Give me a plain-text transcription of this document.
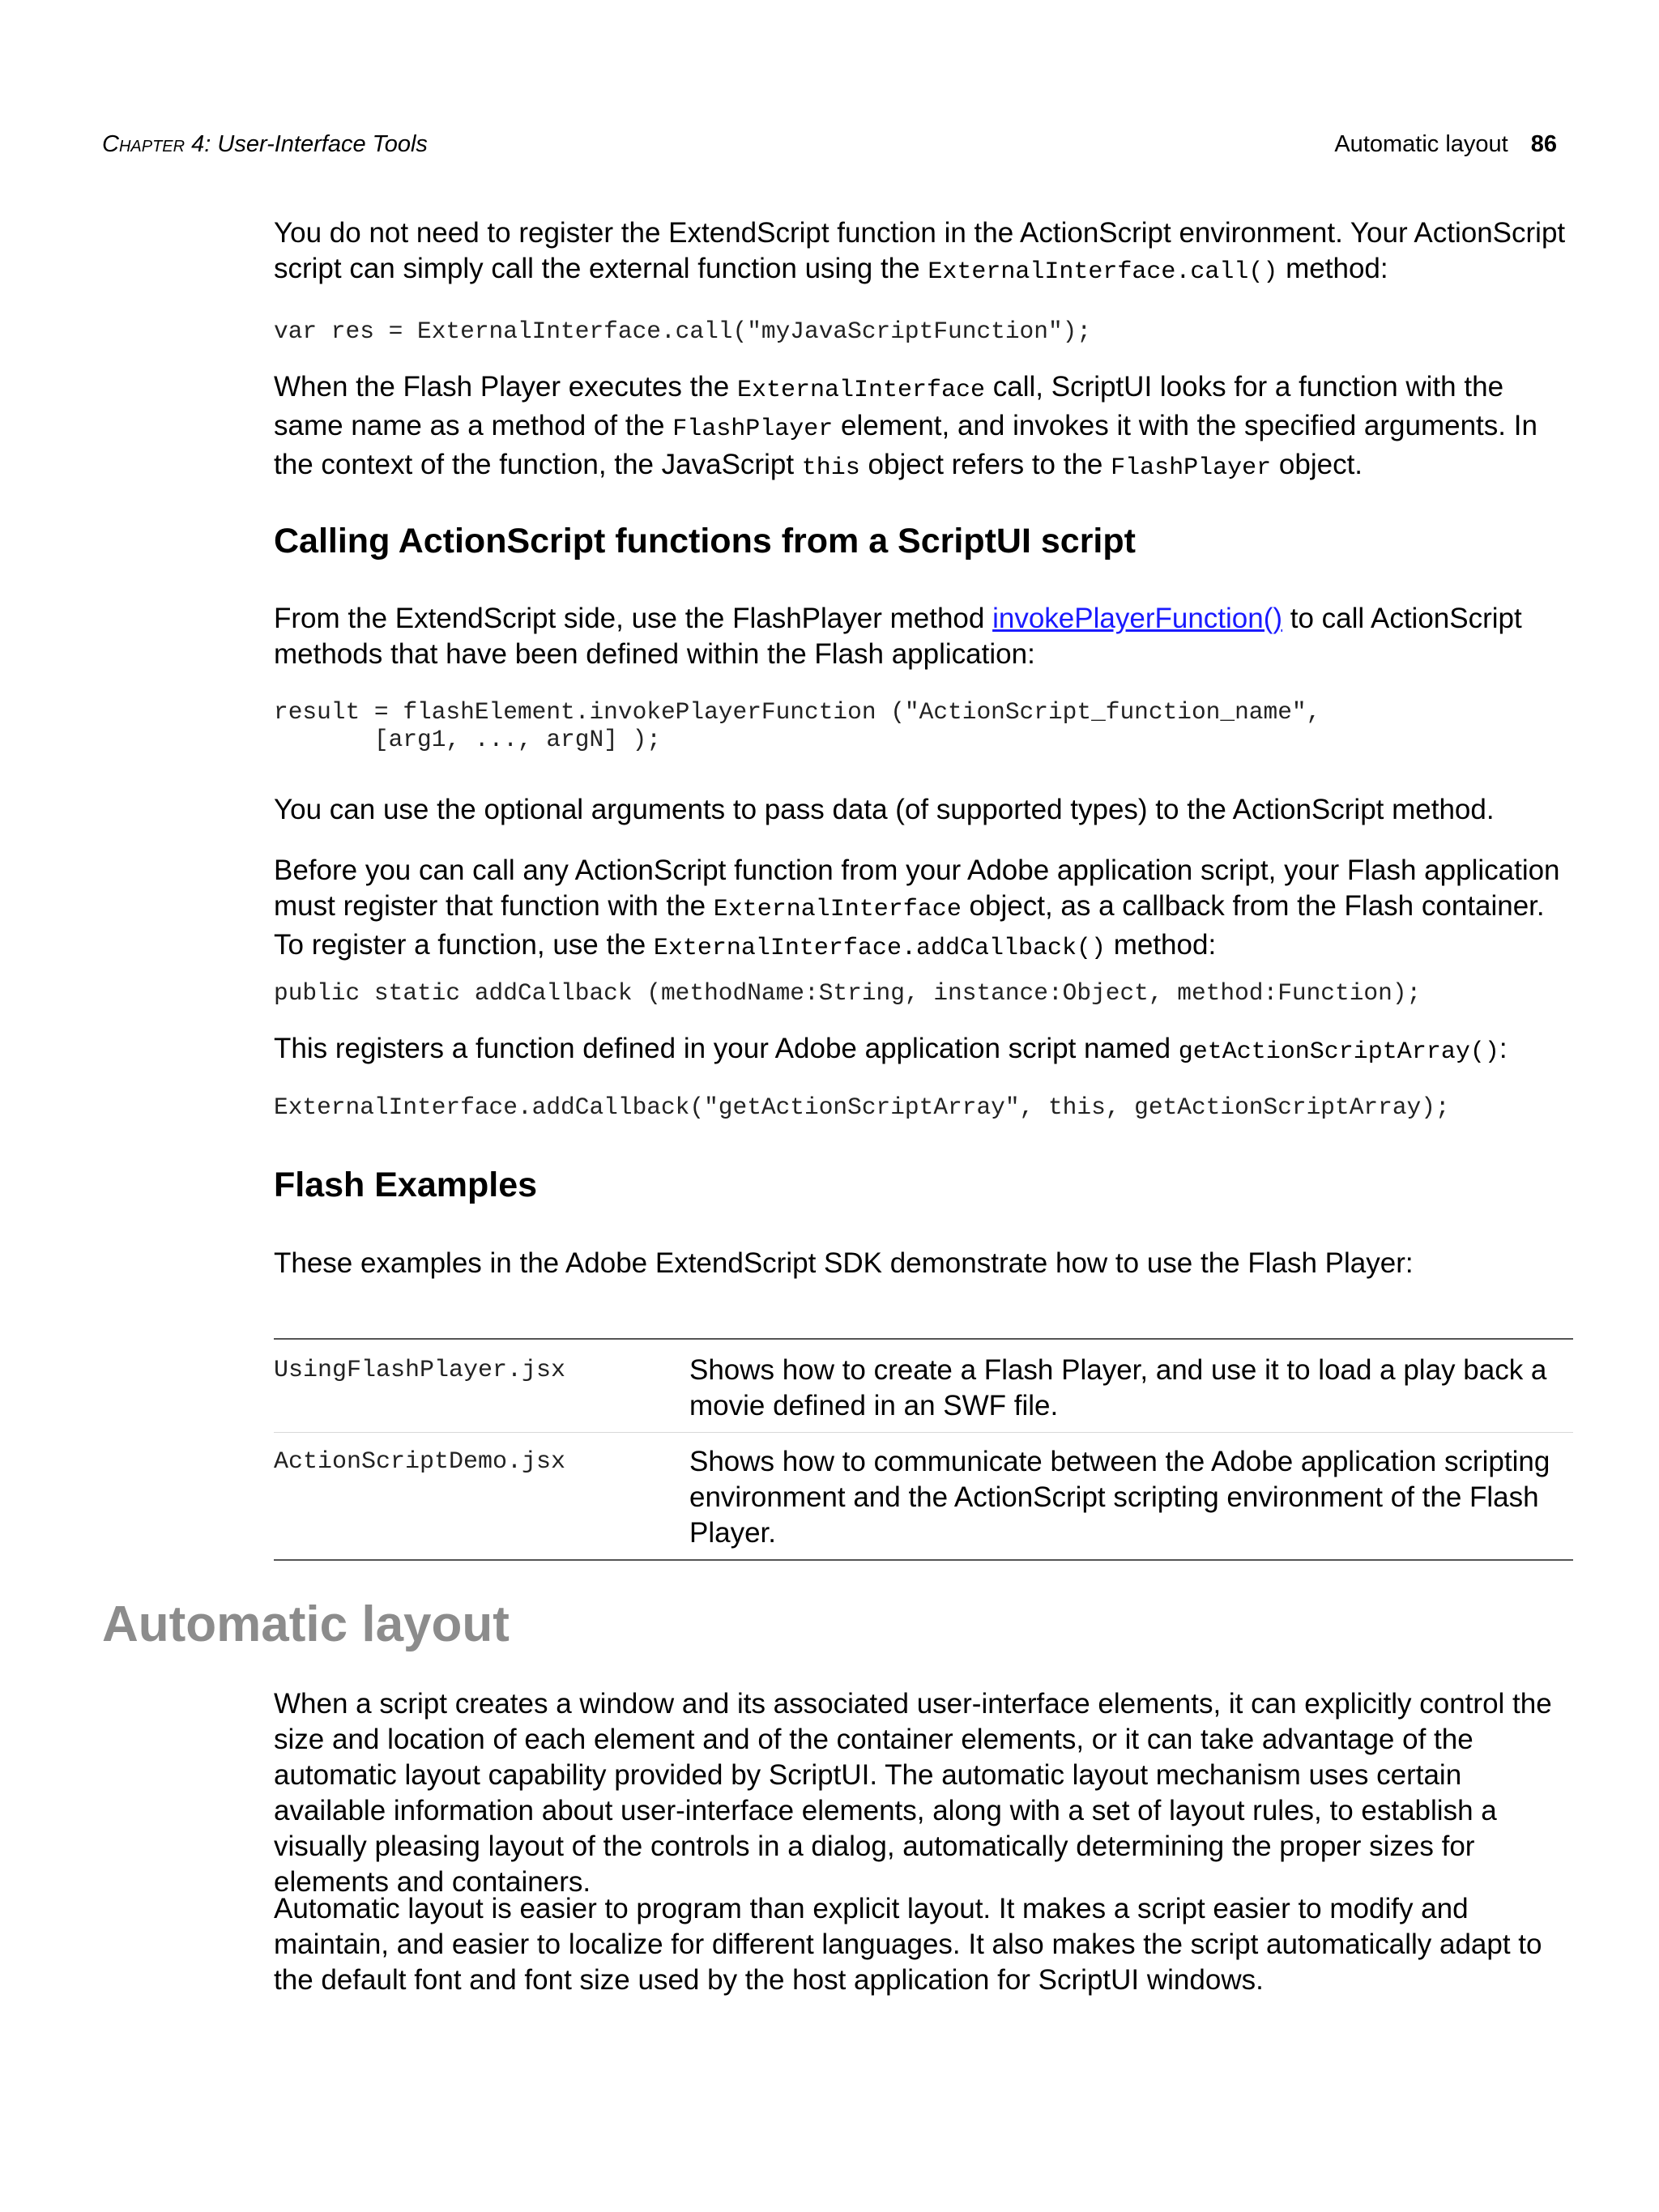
Chapter 4: User-Interface Tools	Automatic layout 86

You do not need to register the ExtendScript function in the ActionScript environment. Your ActionScript script can simply call the external function using the ExternalInterface.call() method:

var res = ExternalInterface.call("myJavaScriptFunction");

When the Flash Player executes the ExternalInterface call, ScriptUI looks for a function with the same name as a method of the FlashPlayer element, and invokes it with the specified arguments. In the context of the function, the JavaScript this object refers to the FlashPlayer object.

Calling ActionScript functions from a ScriptUI script

From the ExtendScript side, use the FlashPlayer method invokePlayerFunction() to call ActionScript methods that have been defined within the Flash application:

result = flashElement.invokePlayerFunction ("ActionScript_function_name",
[arg1, ..., argN] );

You can use the optional arguments to pass data (of supported types) to the ActionScript method.

Before you can call any ActionScript function from your Adobe application script, your Flash application must register that function with the ExternalInterface object, as a callback from the Flash container. To register a function, use the ExternalInterface.addCallback() method:

public static addCallback (methodName:String, instance:Object, method:Function);

This registers a function defined in your Adobe application script named getActionScriptArray():

ExternalInterface.addCallback("getActionScriptArray", this, getActionScriptArray);
Flash Examples

These examples in the Adobe ExtendScript SDK demonstrate how to use the Flash Player:

UsingFlashPlayer.jsx	Shows how to create a Flash Player, and use it to load a play back a movie defined in an SWF file.
ActionScriptDemo.jsx	Shows how to communicate between the Adobe application scripting environment and the ActionScript scripting environment of the Flash Player.
Automatic layout

When a script creates a window and its associated user-interface elements, it can explicitly control the size and location of each element and of the container elements, or it can take advantage of the automatic layout capability provided by ScriptUI. The automatic layout mechanism uses certain available information about user-interface elements, along with a set of layout rules, to establish a visually pleasing layout of the controls in a dialog, automatically determining the proper sizes for elements and containers.

Automatic layout is easier to program than explicit layout. It makes a script easier to modify and maintain, and easier to localize for different languages. It also makes the script automatically adapt to the default font and font size used by the host application for ScriptUI windows.
